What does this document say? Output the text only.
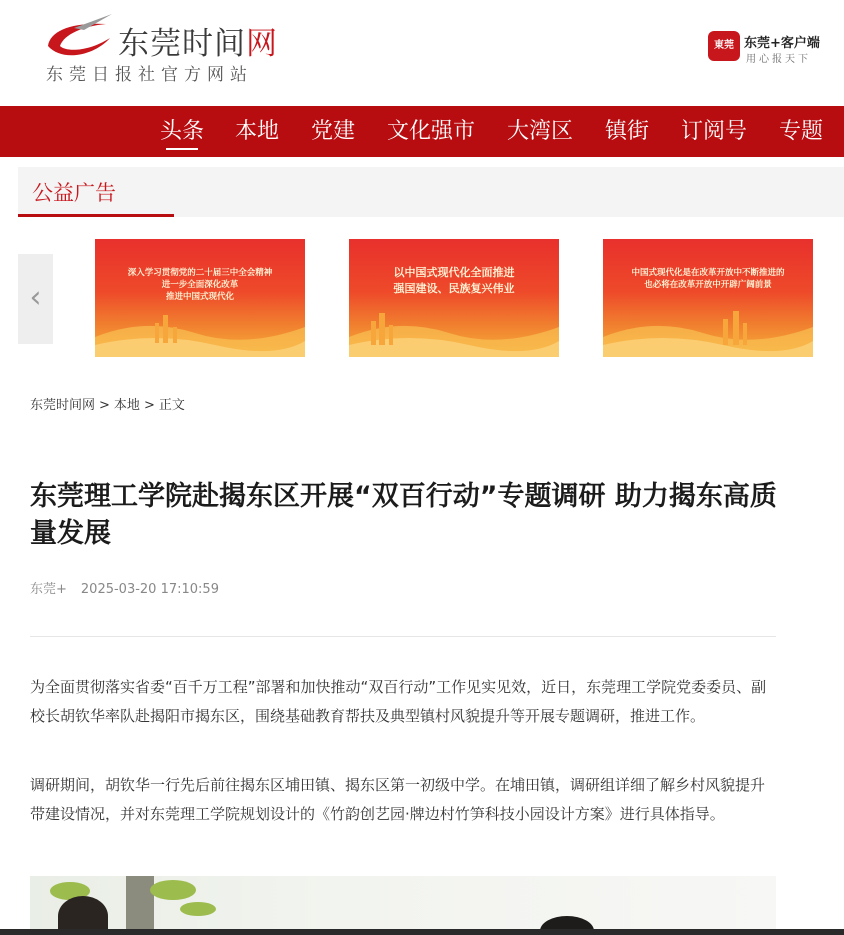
东莞时间网
东莞日报社官方网站
東莞 东莞+客户端
用心报天下
头条 本地 党建 文化强市 大湾区 镇街 订阅号 专题
公益广告
‹
深入学习贯彻党的二十届三中全会精神
进一步全面深化改革
推进中国式现代化
以中国式现代化全面推进
强国建设、民族复兴伟业
中国式现代化是在改革开放中不断推进的
也必将在改革开放中开辟广阔前景
东莞时间网 > 本地 > 正文
东莞理工学院赴揭东区开展“双百行动”专题调研 助力揭东高质量发展
东莞+ 2025-03-20 17:10:59

为全面贯彻落实省委“百千万工程”部署和加快推动“双百行动”工作见实见效，近日，东莞理工学院党委委员、副校长胡钦华率队赴揭阳市揭东区，围绕基础教育帮扶及典型镇村风貌提升等开展专题调研，推进工作。

调研期间，胡钦华一行先后前往揭东区埔田镇、揭东区第一初级中学。在埔田镇，调研组详细了解乡村风貌提升带建设情况，并对东莞理工学院规划设计的《竹韵创艺园·牌边村竹笋科技小园设计方案》进行具体指导。
